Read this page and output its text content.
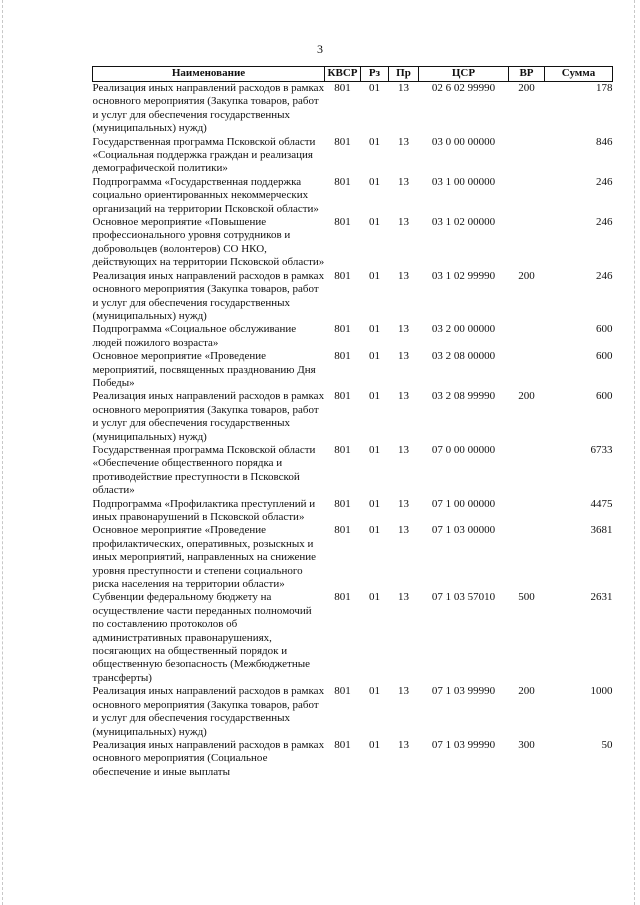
3
Наименование	КВСР	Рз	Пр	ЦСР	ВР	Сумма
Реализация иных направлений расходов в рамках основного мероприятия (Закупка товаров, работ и услуг для обеспечения государственных (муниципальных) нужд)	801	01	13	02 6 02 99990	200	178
Государственная программа Псковской области «Социальная поддержка граждан и реализация демографической политики»	801	01	13	03 0 00 00000		846
Подпрограмма «Государственная поддержка социально ориентированных некоммерческих организаций на территории Псковской области»	801	01	13	03 1 00 00000		246
Основное мероприятие «Повышение профессионального уровня сотрудников и добровольцев (волонтеров) СО НКО, действующих на территории Псковской области»	801	01	13	03 1 02 00000		246
Реализация иных направлений расходов в рамках основного мероприятия (Закупка товаров, работ и услуг для обеспечения государственных (муниципальных) нужд)	801	01	13	03 1 02 99990	200	246
Подпрограмма «Социальное обслуживание людей пожилого возраста»	801	01	13	03 2 00 00000		600
Основное мероприятие «Проведение мероприятий, посвященных празднованию Дня Победы»	801	01	13	03 2 08 00000		600
Реализация иных направлений расходов в рамках основного мероприятия (Закупка товаров, работ и услуг для обеспечения государственных (муниципальных) нужд)	801	01	13	03 2 08 99990	200	600
Государственная программа Псковской области «Обеспечение общественного порядка и противодействие преступности в Псковской области»	801	01	13	07 0 00 00000		6733
Подпрограмма «Профилактика преступлений и иных правонарушений в Псковской области»	801	01	13	07 1 00 00000		4475
Основное мероприятие «Проведение профилактических, оперативных, розыскных и иных мероприятий, направленных на снижение уровня преступности и степени социального риска населения на территории области»	801	01	13	07 1 03 00000		3681
Субвенции федеральному бюджету на осуществление части переданных полномочий по составлению протоколов об административных правонарушениях, посягающих на общественный порядок и общественную безопасность (Межбюджетные трансферты)	801	01	13	07 1 03 57010	500	2631
Реализация иных направлений расходов в рамках основного мероприятия (Закупка товаров, работ и услуг для обеспечения государственных (муниципальных) нужд)	801	01	13	07 1 03 99990	200	1000
Реализация иных направлений расходов в рамках основного мероприятия (Социальное обеспечение и иные выплаты	801	01	13	07 1 03 99990	300	50
